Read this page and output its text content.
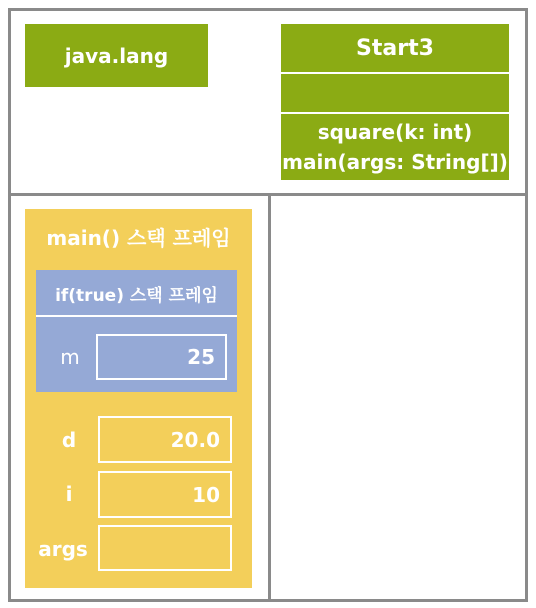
java.lang	Start3
square(k: int)
main(args: String[])
main() 스택 프레임
if(true) 스택 프레임
m	25
d	20.0
i	10
args
